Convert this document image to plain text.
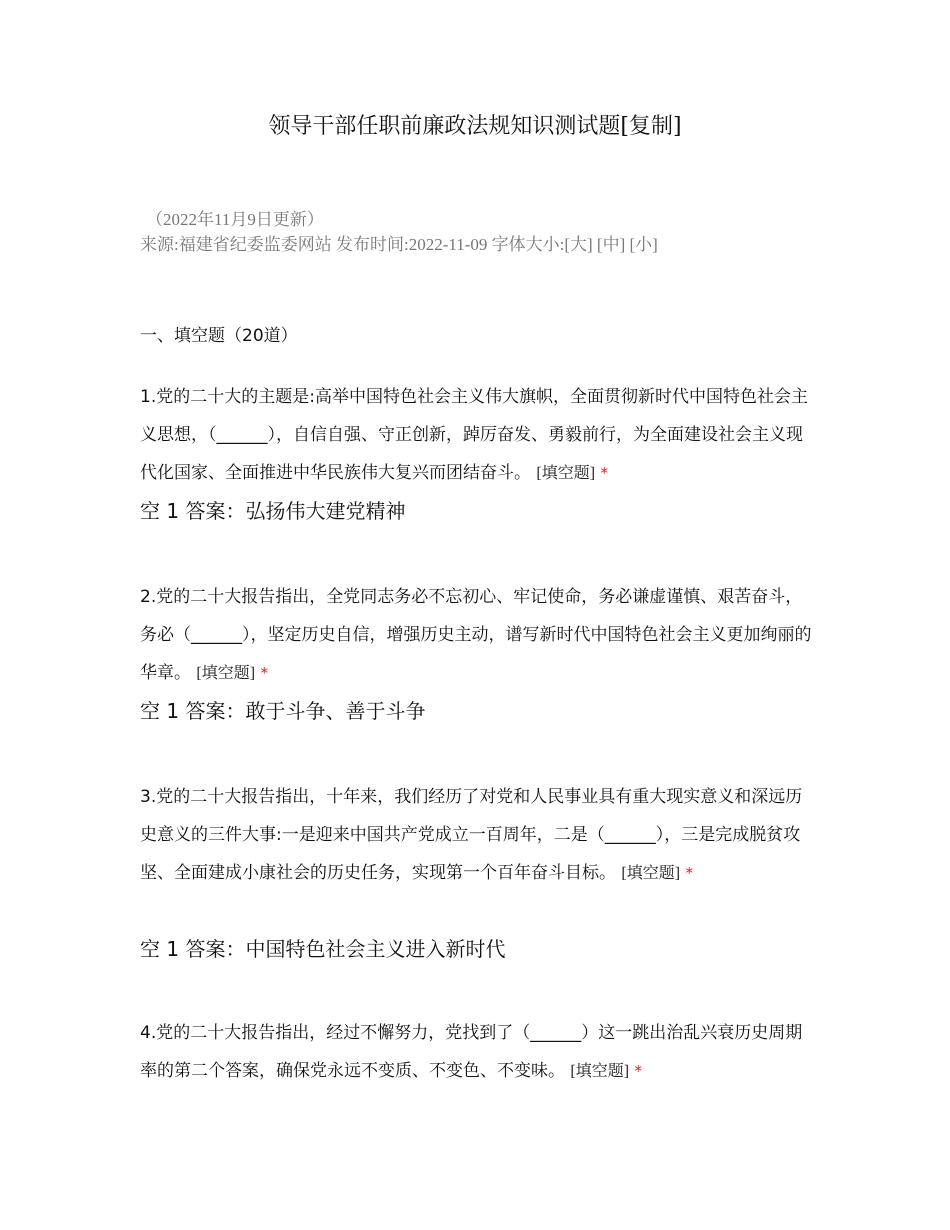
领导干部任职前廉政法规知识测试题[复制]
（2022年11月9日更新）
来源:福建省纪委监委网站 发布时间:2022-11-09 字体大小:[大] [中] [小]
一、填空题（20道）
1.党的二十大的主题是:高举中国特色社会主义伟大旗帜，全面贯彻新时代中国特色社会主义思想，（______），自信自强、守正创新，踔厉奋发、勇毅前行，为全面建设社会主义现代化国家、全面推进中华民族伟大复兴而团结奋斗。 [填空题] *
空 1 答案：弘扬伟大建党精神
2.党的二十大报告指出，全党同志务必不忘初心、牢记使命，务必谦虚谨慎、艰苦奋斗，务必（______），坚定历史自信，增强历史主动，谱写新时代中国特色社会主义更加绚丽的华章。 [填空题] *
空 1 答案：敢于斗争、善于斗争
3.党的二十大报告指出，十年来，我们经历了对党和人民事业具有重大现实意义和深远历史意义的三件大事:一是迎来中国共产党成立一百周年，二是（______），三是完成脱贫攻坚、全面建成小康社会的历史任务，实现第一个百年奋斗目标。 [填空题] *
空 1 答案：中国特色社会主义进入新时代
4.党的二十大报告指出，经过不懈努力，党找到了（______）这一跳出治乱兴衰历史周期率的第二个答案，确保党永远不变质、不变色、不变味。 [填空题] *
